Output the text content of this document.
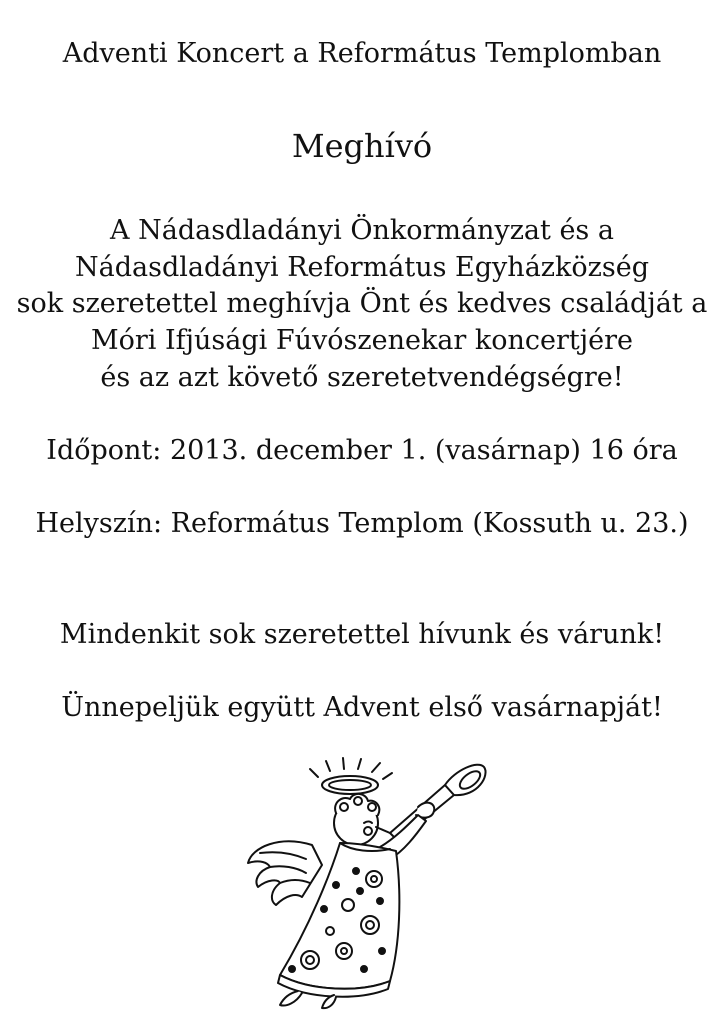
Adventi Koncert a Református Templomban
Meghívó
A Nádasdladányi Önkormányzat és a
Nádasdladányi Református Egyházközség
sok szeretettel meghívja Önt és kedves családját a
Móri Ifjúsági Fúvószenekar koncertjére
és az azt követő szeretetvendégségre!
Időpont: 2013. december 1. (vasárnap) 16 óra
Helyszín: Református Templom (Kossuth u. 23.)
Mindenkit sok szeretettel hívunk és várunk!
Ünnepeljük együtt Advent első vasárnapját!
